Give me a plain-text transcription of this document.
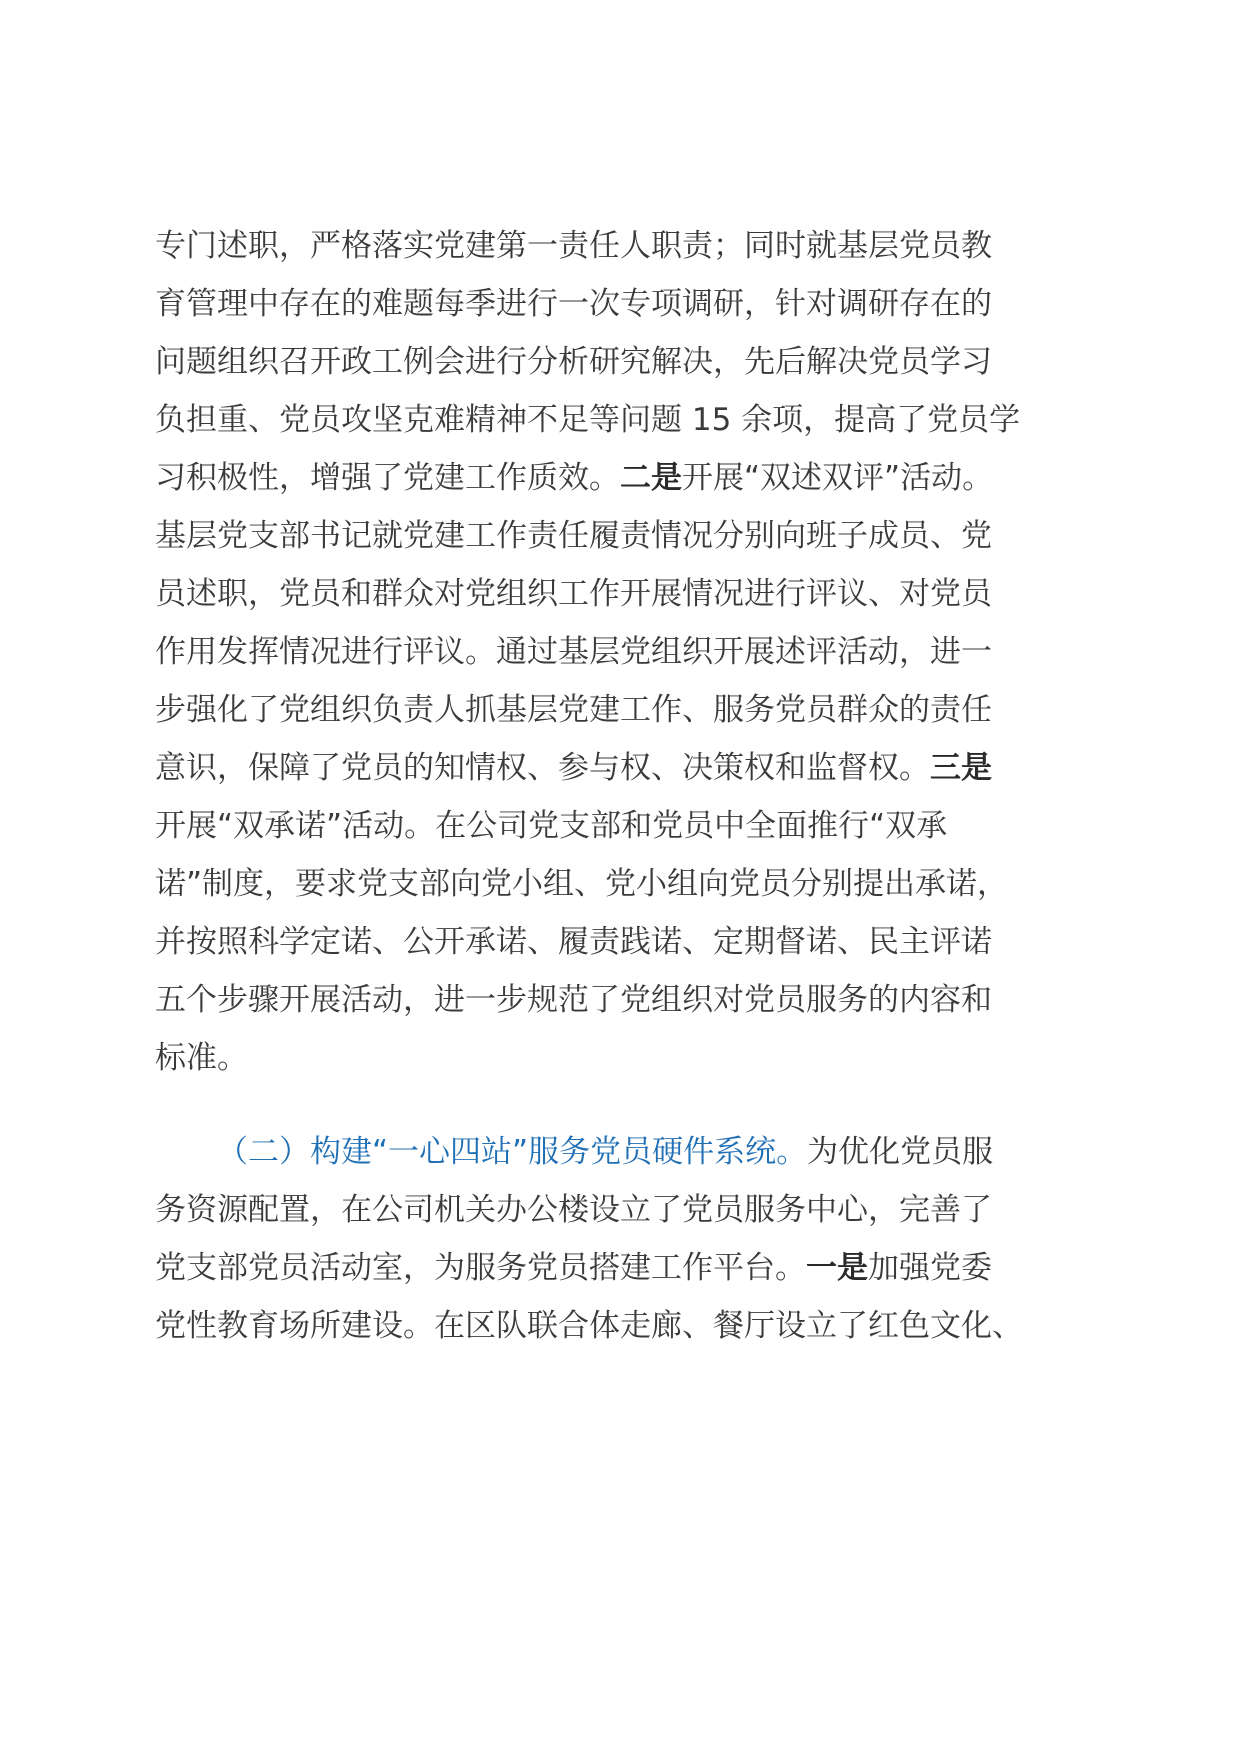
专门述职，严格落实党建第一责任人职责；同时就基层党员教
育管理中存在的难题每季进行一次专项调研，针对调研存在的
问题组织召开政工例会进行分析研究解决，先后解决党员学习
负担重、党员攻坚克难精神不足等问题 15 余项，提高了党员学
习积极性，增强了党建工作质效。二是开展“双述双评”活动。
基层党支部书记就党建工作责任履责情况分别向班子成员、党
员述职，党员和群众对党组织工作开展情况进行评议、对党员
作用发挥情况进行评议。通过基层党组织开展述评活动，进一
步强化了党组织负责人抓基层党建工作、服务党员群众的责任
意识，保障了党员的知情权、参与权、决策权和监督权。三是
开展“双承诺”活动。在公司党支部和党员中全面推行“双承
诺”制度，要求党支部向党小组、党小组向党员分别提出承诺，
并按照科学定诺、公开承诺、履责践诺、定期督诺、民主评诺
五个步骤开展活动，进一步规范了党组织对党员服务的内容和
标准。
（二）构建“一心四站”服务党员硬件系统。为优化党员服
务资源配置，在公司机关办公楼设立了党员服务中心，完善了
党支部党员活动室，为服务党员搭建工作平台。一是加强党委
党性教育场所建设。在区队联合体走廊、餐厅设立了红色文化、
